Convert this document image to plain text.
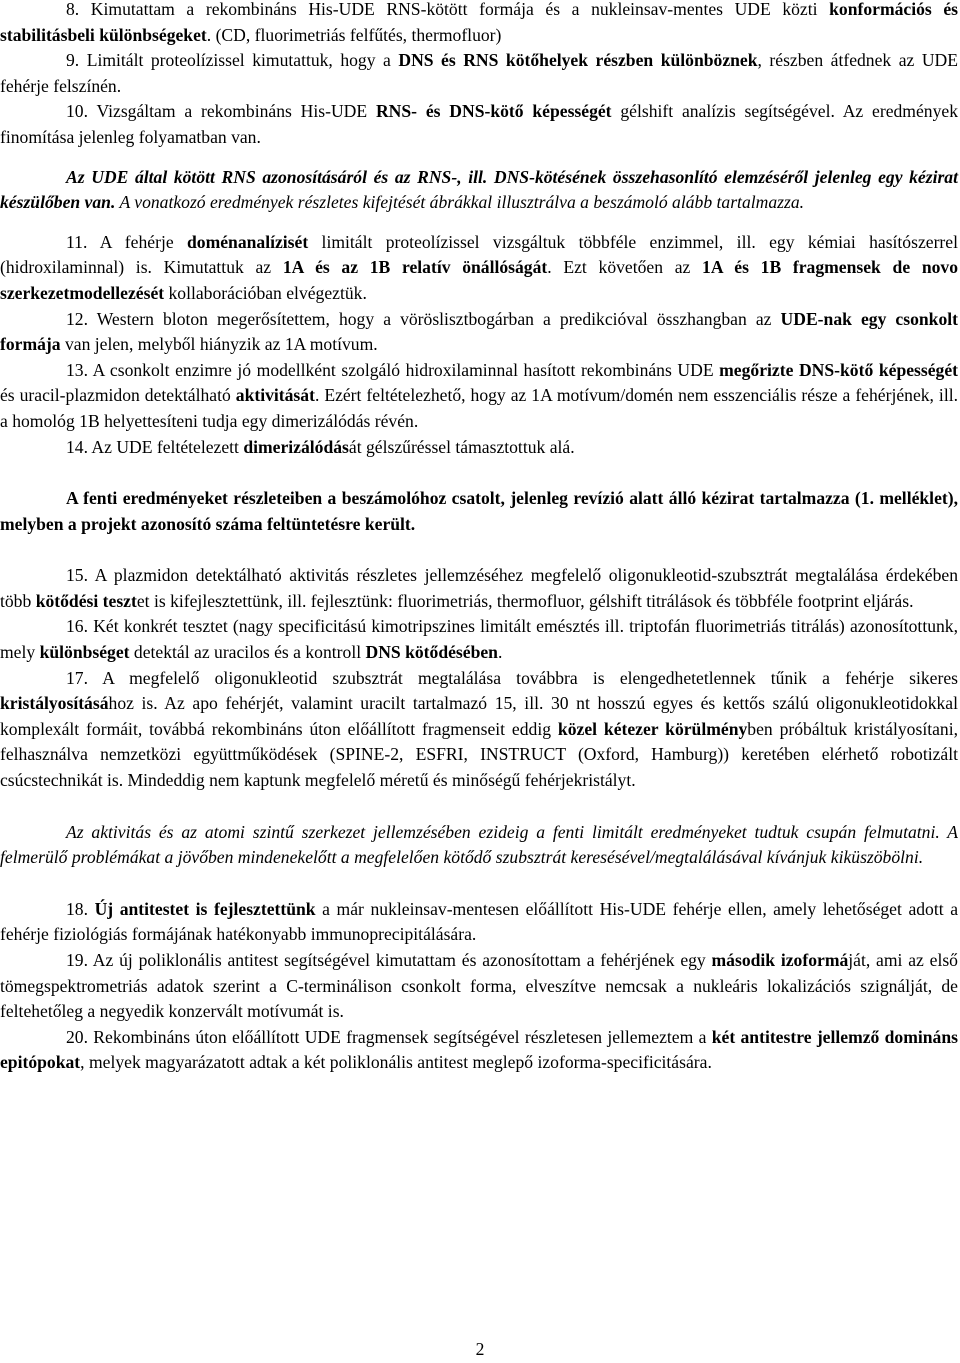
8. Kimutattam a rekombináns His-UDE RNS-kötött formája és a nukleinsav-mentes UDE közti konformációs és stabilitásbeli különbségeket. (CD, fluorimetriás felfűtés, thermofluor)

9. Limitált proteolízissel kimutattuk, hogy a DNS és RNS kötőhelyek részben különböznek, részben átfednek az UDE fehérje felszínén.

10. Vizsgáltam a rekombináns His-UDE RNS- és DNS-kötő képességét gélshift analízis segítségével. Az eredmények finomítása jelenleg folyamatban van.

Az UDE által kötött RNS azonosításáról és az RNS-, ill. DNS-kötésének összehasonlító elemzéséről jelenleg egy kézirat készülőben van. A vonatkozó eredmények részletes kifejtését ábrákkal illusztrálva a beszámoló alább tartalmazza.

11. A fehérje doménanalízisét limitált proteolízissel vizsgáltuk többféle enzimmel, ill. egy kémiai hasítószerrel (hidroxilaminnal) is. Kimutattuk az 1A és az 1B relatív önállóságát. Ezt követően az 1A és 1B fragmensek de novo szerkezetmodellezését kollaborációban elvégeztük.

12. Western bloton megerősítettem, hogy a vöröslisztbogárban a predikcióval összhangban az UDE-nak egy csonkolt formája van jelen, melyből hiányzik az 1A motívum.

13. A csonkolt enzimre jó modellként szolgáló hidroxilaminnal hasított rekombináns UDE megőrizte DNS-kötő képességét és uracil-plazmidon detektálható aktivitását. Ezért feltételezhető, hogy az 1A motívum/domén nem esszenciális része a fehérjének, ill. a homológ 1B helyettesíteni tudja egy dimerizálódás révén.

14. Az UDE feltételezett dimerizálódását gélszűréssel támasztottuk alá.

A fenti eredményeket részleteiben a beszámolóhoz csatolt, jelenleg revízió alatt álló kézirat tartalmazza (1. melléklet), melyben a projekt azonosító száma feltüntetésre került.

15. A plazmidon detektálható aktivitás részletes jellemzéséhez megfelelő oligonukleotid-szubsztrát megtalálása érdekében több kötődési tesztet is kifejlesztettünk, ill. fejlesztünk: fluorimetriás, thermofluor, gélshift titrálások és többféle footprint eljárás.

16. Két konkrét tesztet (nagy specificitású kimotripszines limitált emésztés ill. triptofán fluorimetriás titrálás) azonosítottunk, mely különbséget detektál az uracilos és a kontroll DNS kötődésében.

17. A megfelelő oligonukleotid szubsztrát megtalálása továbbra is elengedhetetlennek tűnik a fehérje sikeres kristályosításához is. Az apo fehérjét, valamint uracilt tartalmazó 15, ill. 30 nt hosszú egyes és kettős szálú oligonukleotidokkal komplexált formáit, továbbá rekombináns úton előállított fragmenseit eddig közel kétezer körülményben próbáltuk kristályosítani, felhasználva nemzetközi együttműködések (SPINE-2, ESFRI, INSTRUCT (Oxford, Hamburg)) keretében elérhető robotizált csúcstechnikát is. Mindeddig nem kaptunk megfelelő méretű és minőségű fehérjekristályt.

Az aktivitás és az atomi szintű szerkezet jellemzésében ezideig a fenti limitált eredményeket tudtuk csupán felmutatni. A felmerülő problémákat a jövőben mindenekelőtt a megfelelően kötődő szubsztrát keresésével/megtalálásával kívánjuk kiküszöbölni.

18. Új antitestet is fejlesztettünk a már nukleinsav-mentesen előállított His-UDE fehérje ellen, amely lehetőséget adott a fehérje fiziológiás formájának hatékonyabb immunoprecipitálására.

19. Az új poliklonális antitest segítségével kimutattam és azonosítottam a fehérjének egy második izoformáját, ami az első tömegspektrometriás adatok szerint a C-terminálison csonkolt forma, elveszítve nemcsak a nukleáris lokalizációs szignálját, de feltehetőleg a negyedik konzervált motívumát is.

20. Rekombináns úton előállított UDE fragmensek segítségével részletesen jellemeztem a két antitestre jellemző domináns epitópokat, melyek magyarázatott adtak a két poliklonális antitest meglepő izoforma-specificitására.

2
